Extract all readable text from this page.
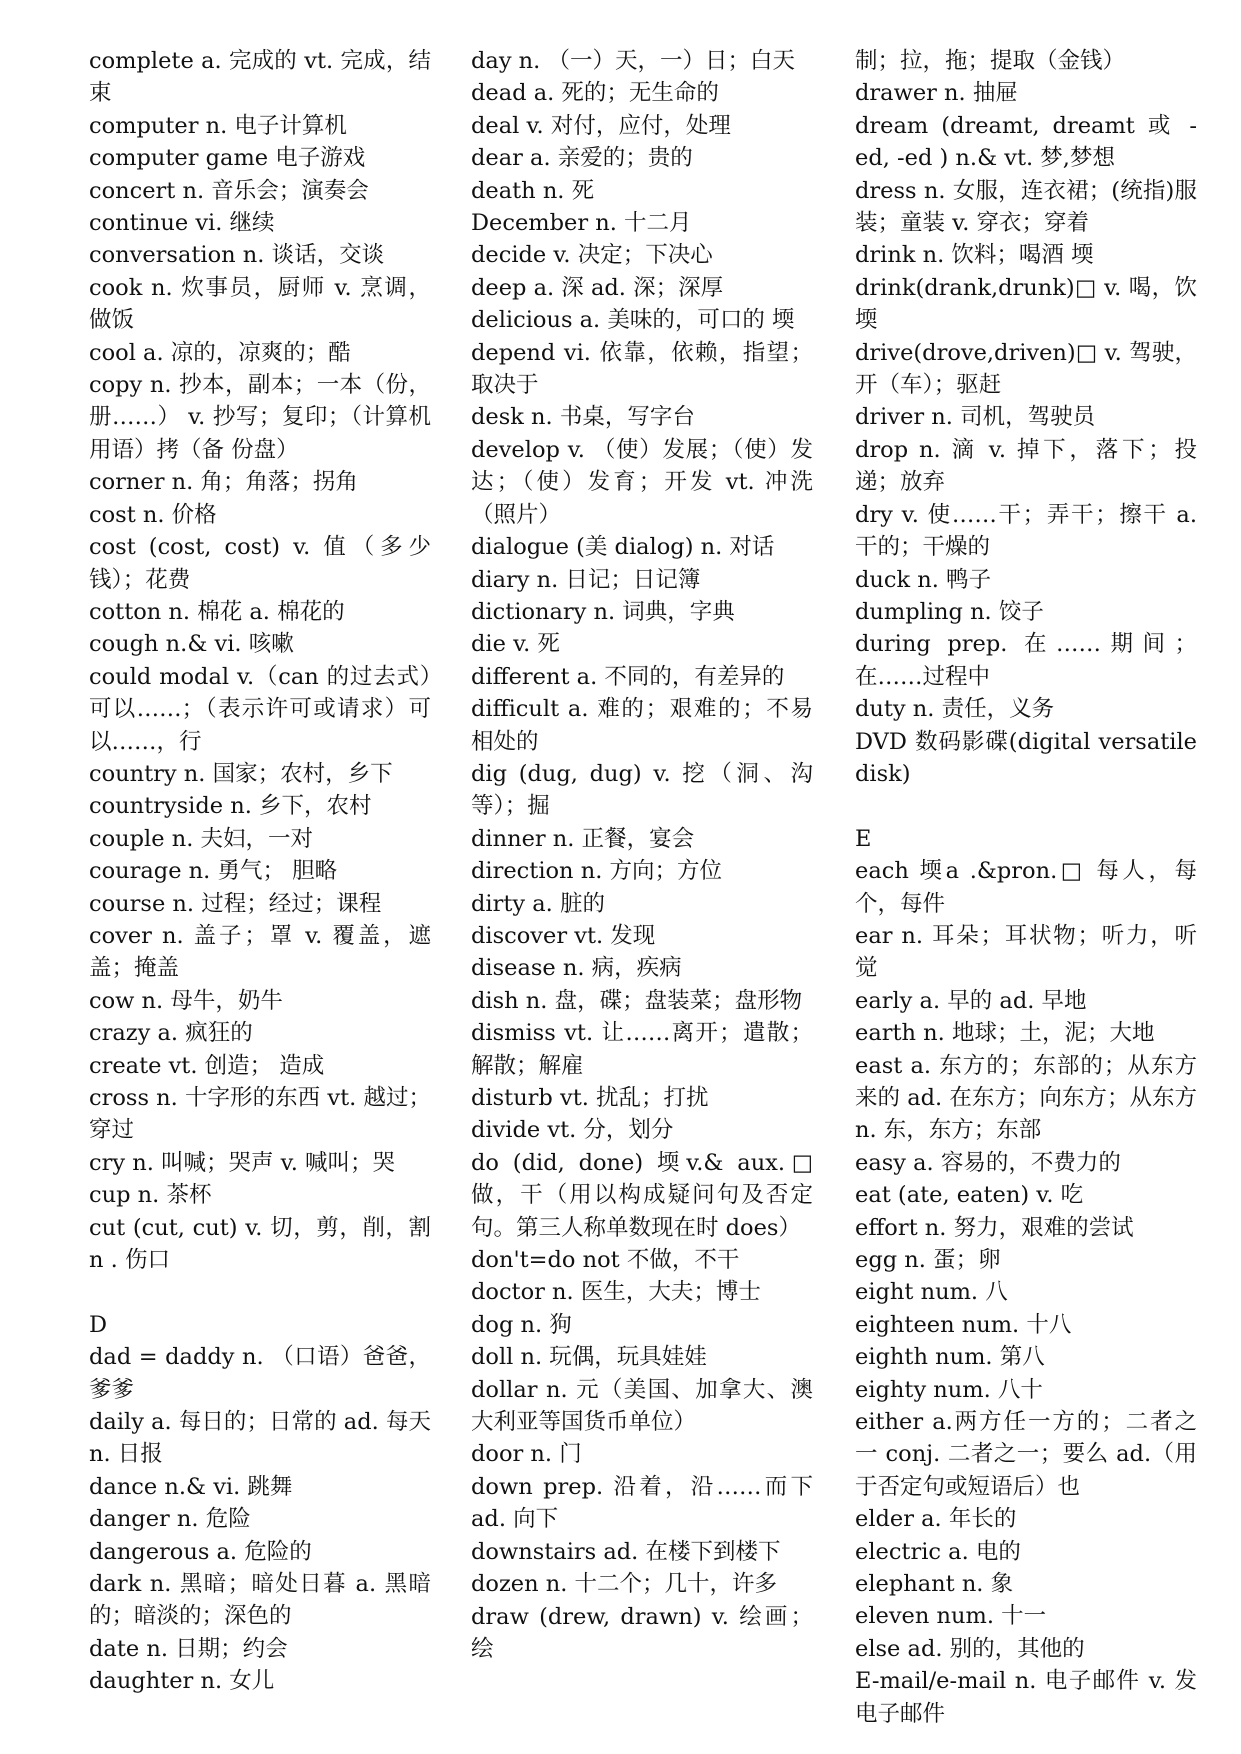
complete a. 完成的 vt. 完成，结束
computer n. 电子计算机
computer game 电子游戏
concert n. 音乐会；演奏会
continue vi. 继续
conversation n. 谈话，交谈
cook n. 炊事员，厨师 v. 烹调，做饭
cool a. 凉的，凉爽的；酷
copy n. 抄本，副本；一本（份，册……） v. 抄写；复印；（计算机用语）拷（备 份盘）
corner n. 角；角落；拐角
cost n. 价格
cost (cost, cost) v. 值（多少钱）；花费
cotton n. 棉花 a. 棉花的
cough n.& vi. 咳嗽
could modal v.（can 的过去式）可以……；（表示许可或请求）可以……，行
country n. 国家；农村，乡下
countryside n. 乡下，农村
couple n. 夫妇，一对
courage n. 勇气； 胆略
course n. 过程；经过；课程
cover n. 盖子；罩 v. 覆盖，遮盖；掩盖
cow n. 母牛，奶牛
crazy a. 疯狂的
create vt. 创造； 造成
cross n. 十字形的东西 vt. 越过；穿过
cry n. 叫喊；哭声 v. 喊叫；哭
cup n. 茶杯
cut (cut, cut) v. 切，剪，削，割 n . 伤口
D
dad = daddy n. （口语）爸爸，爹爹
daily a. 每日的；日常的 ad. 每天 n. 日报
dance n.& vi. 跳舞
danger n. 危险
dangerous a. 危险的
dark n. 黑暗；暗处日暮 a. 黑暗的；暗淡的；深色的
date n. 日期；约会
daughter n. 女儿
day n. （一）天，一）日；白天
dead a. 死的；无生命的
deal v. 对付，应付，处理
dear a. 亲爱的；贵的
death n. 死
December n. 十二月
decide v. 决定；下决心
deep a. 深 ad. 深；深厚
delicious a. 美味的，可口的 堧
depend vi. 依靠，依赖，指望；取决于
desk n. 书桌，写字台
develop v. （使）发展；（使）发达；（使）发育；开发 vt. 冲洗（照片）
dialogue (美 dialog) n. 对话
diary n. 日记；日记簿
dictionary n. 词典，字典
die v. 死
different a. 不同的，有差异的
difficult a. 难的；艰难的；不易相处的
dig (dug, dug) v. 挖（洞、沟等）；掘
dinner n. 正餐，宴会
direction n. 方向；方位
dirty a. 脏的
discover vt. 发现
disease n. 病，疾病
dish n. 盘，碟；盘装菜；盘形物
dismiss vt. 让……离开；遣散；解散；解雇
disturb vt. 扰乱；打扰
divide vt. 分，划分
do (did, done) 堧v.& aux.□ 做，干（用以构成疑问句及否定句。第三人称单数现在时 does）
don't=do not 不做，不干
doctor n. 医生，大夫；博士
dog n. 狗
doll n. 玩偶，玩具娃娃
dollar n. 元（美国、加拿大、澳大利亚等国货币单位）
door n. 门
down prep. 沿着，沿……而下 ad. 向下
downstairs ad. 在楼下到楼下
dozen n. 十二个；几十，许多
draw (drew, drawn) v. 绘画；绘
制；拉，拖；提取（金钱）
drawer n. 抽屉
dream (dreamt, dreamt 或 -ed, -ed ) n.& vt. 梦,梦想
dress n. 女服，连衣裙；(统指)服装；童装 v. 穿衣；穿着
drink n. 饮料；喝酒 堧
drink(drank,drunk)□ v. 喝，饮 堧
drive(drove,driven)□ v. 驾驶，开（车）；驱赶
driver n. 司机，驾驶员
drop n. 滴 v. 掉下，落下；投递；放弃
dry v. 使……干；弄干；擦干 a. 干的；干燥的
duck n. 鸭子
dumpling n. 饺子
during prep. 在……期间；在……过程中
duty n. 责任，义务
DVD 数码影碟(digital versatile disk)
E
each 堧a .&pron.□ 每人，每个，每件
ear n. 耳朵；耳状物；听力，听觉
early a. 早的 ad. 早地
earth n. 地球；土，泥；大地
east a. 东方的；东部的；从东方来的 ad. 在东方；向东方；从东方 n. 东，东方；东部
easy a. 容易的，不费力的
eat (ate, eaten) v. 吃
effort n. 努力，艰难的尝试
egg n. 蛋；卵
eight num. 八
eighteen num. 十八
eighth num. 第八
eighty num. 八十
either a.两方任一方的；二者之一 conj. 二者之一；要么 ad.（用于否定句或短语后）也
elder a. 年长的
electric a. 电的
elephant n. 象
eleven num. 十一
else ad. 别的，其他的
E-mail/e-mail n. 电子邮件 v. 发电子邮件
